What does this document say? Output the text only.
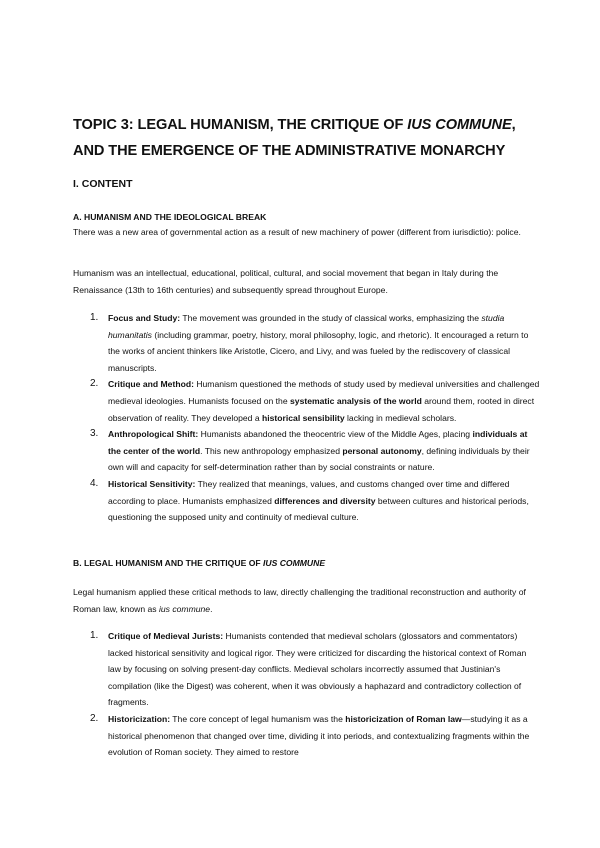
TOPIC 3: LEGAL HUMANISM, THE CRITIQUE OF IUS COMMUNE,
AND THE EMERGENCE OF THE ADMINISTRATIVE MONARCHY
I. CONTENT
A. HUMANISM AND THE IDEOLOGICAL BREAK
There was a new area of governmental action as a result of new machinery of power (different from iurisdictio): police.
Humanism was an intellectual, educational, political, cultural, and social movement that began in Italy during the Renaissance (13th to 16th centuries) and subsequently spread throughout Europe.
1. Focus and Study: The movement was grounded in the study of classical works, emphasizing the studia humanitatis (including grammar, poetry, history, moral philosophy, logic, and rhetoric). It encouraged a return to the works of ancient thinkers like Aristotle, Cicero, and Livy, and was fueled by the rediscovery of classical manuscripts.
2. Critique and Method: Humanism questioned the methods of study used by medieval universities and challenged medieval ideologies. Humanists focused on the systematic analysis of the world around them, rooted in direct observation of reality. They developed a historical sensibility lacking in medieval scholars.
3. Anthropological Shift: Humanists abandoned the theocentric view of the Middle Ages, placing individuals at the center of the world. This new anthropology emphasized personal autonomy, defining individuals by their own will and capacity for self-determination rather than by social constraints or nature.
4. Historical Sensitivity: They realized that meanings, values, and customs changed over time and differed according to place. Humanists emphasized differences and diversity between cultures and historical periods, questioning the supposed unity and continuity of medieval culture.
B. LEGAL HUMANISM AND THE CRITIQUE OF IUS COMMUNE
Legal humanism applied these critical methods to law, directly challenging the traditional reconstruction and authority of Roman law, known as ius commune.
1. Critique of Medieval Jurists: Humanists contended that medieval scholars (glossators and commentators) lacked historical sensitivity and logical rigor. They were criticized for discarding the historical context of Roman law by focusing on solving present-day conflicts. Medieval scholars incorrectly assumed that Justinian's compilation (like the Digest) was coherent, when it was obviously a haphazard and contradictory collection of fragments.
2. Historicization: The core concept of legal humanism was the historicization of Roman law—studying it as a historical phenomenon that changed over time, dividing it into periods, and contextualizing fragments within the evolution of Roman society. They aimed to restore
